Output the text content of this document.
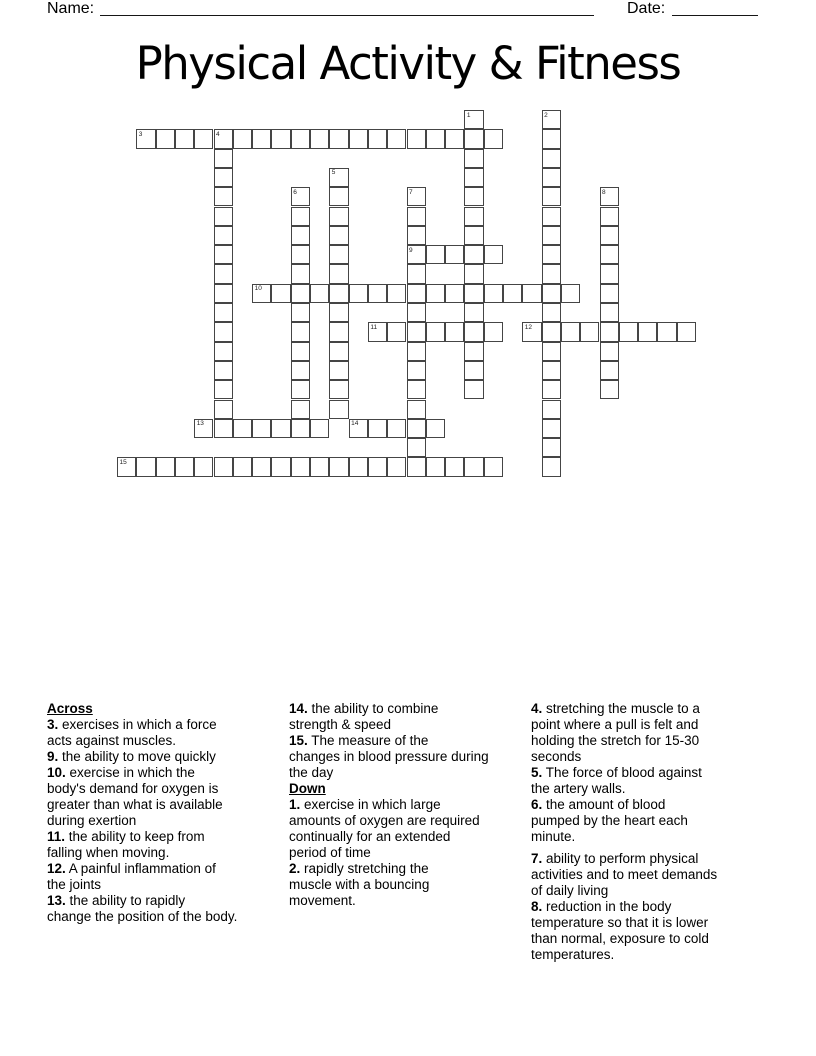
Name:	Date:
Physical Activity & Fitness
1	2
3	4
5
6	7
9
8
10
11	12
13	14
15
Across
3. exercises in which a force
acts against muscles.
9. the ability to move quickly
10. exercise in which the
body's demand for oxygen is
greater than what is available
during exertion
11. the ability to keep from
falling when moving.
12. A painful inflammation of
the joints
13. the ability to rapidly
change the position of the body.
14. the ability to combine
strength & speed
15. The measure of the
changes in blood pressure during
the day
Down
1. exercise in which large
amounts of oxygen are required
continually for an extended
period of time
2. rapidly stretching the
muscle with a bouncing
movement.
4. stretching the muscle to a
point where a pull is felt and
holding the stretch for 15-30
seconds
5. The force of blood against
the artery walls.
6. the amount of blood
pumped by the heart each
minute.
7. ability to perform physical
activities and to meet demands
of daily living
8. reduction in the body
temperature so that it is lower
than normal, exposure to cold
temperatures.
